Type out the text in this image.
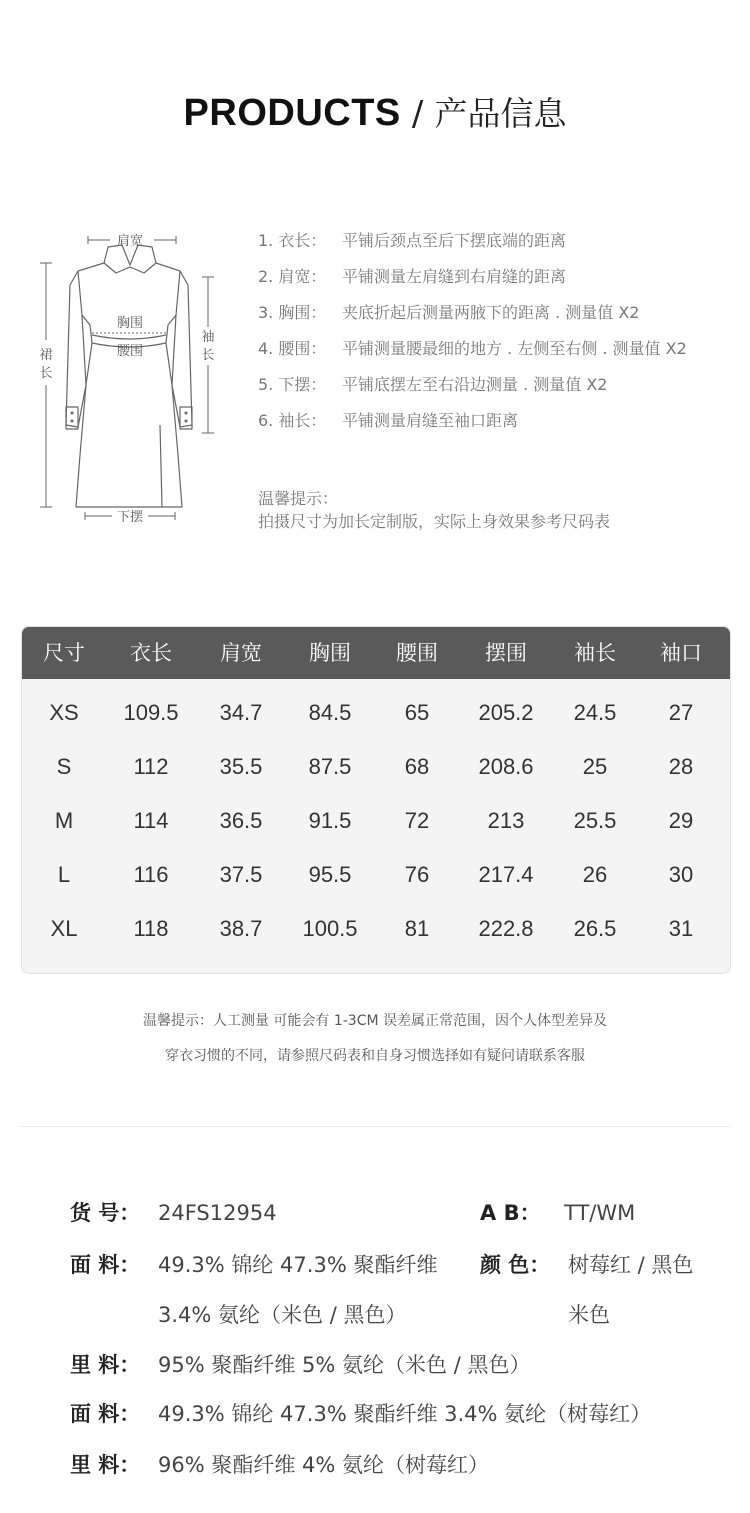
PRODUCTS / 产品信息
肩宽
胸围
腰围
下摆
裙
长
袖
长
1. 衣长： 平铺后颈点至后下摆底端的距离
2. 肩宽： 平铺测量左肩缝到右肩缝的距离
3. 胸围： 夹底折起后测量两腋下的距离 . 测量值 X2
4. 腰围： 平铺测量腰最细的地方 . 左侧至右侧 . 测量值 X2
5. 下摆： 平铺底摆左至右沿边测量 . 测量值 X2
6. 袖长： 平铺测量肩缝至袖口距离
温馨提示：
拍摄尺寸为加长定制版，实际上身效果参考尺码表
尺寸	衣长	肩宽	胸围	腰围	摆围	袖长	袖口
XS	109.5	34.7	84.5	65	205.2	24.5	27
S	112	35.5	87.5	68	208.6	25	28
M	114	36.5	91.5	72	213	25.5	29
L	116	37.5	95.5	76	217.4	26	30
XL	118	38.7	100.5	81	222.8	26.5	31
温馨提示：人工测量 可能会有 1-3CM 误差属正常范围，因个人体型差异及
穿衣习惯的不同，请参照尺码表和自身习惯选择如有疑问请联系客服
货 号： 24FS12954	A B： TT/WM
面 料： 49.3% 锦纶 47.3% 聚酯纤维 颜 色： 树莓红 / 黑色
3.4% 氨纶（米色 / 黑色）	米色
里 料： 95% 聚酯纤维 5% 氨纶（米色 / 黑色）
面 料： 49.3% 锦纶 47.3% 聚酯纤维 3.4% 氨纶（树莓红）
里 料： 96% 聚酯纤维 4% 氨纶（树莓红）
